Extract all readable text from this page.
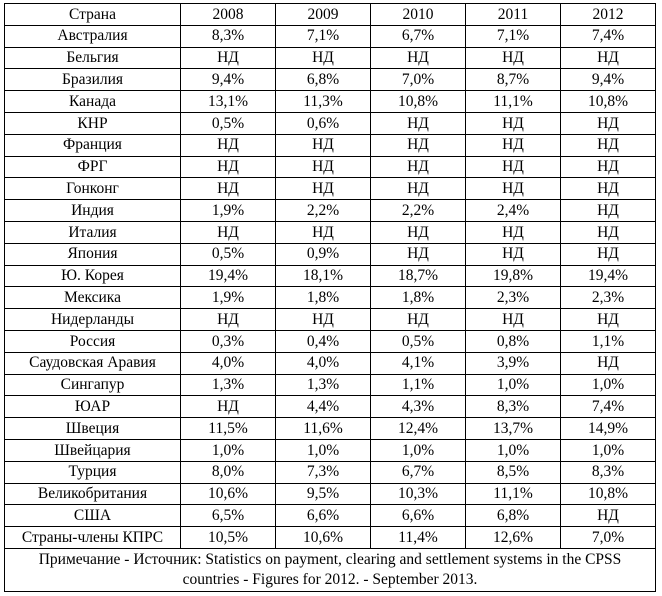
Страна	2008	2009	2010	2011	2012
Австралия	8,3%	7,1%	6,7%	7,1%	7,4%
Бельгия	НД	НД	НД	НД	НД
Бразилия	9,4%	6,8%	7,0%	8,7%	9,4%
Канада	13,1%	11,3%	10,8%	11,1%	10,8%
КНР	0,5%	0,6%	НД	НД	НД
Франция	НД	НД	НД	НД	НД
ФРГ	НД	НД	НД	НД	НД
Гонконг	НД	НД	НД	НД	НД
Индия	1,9%	2,2%	2,2%	2,4%	НД
Италия	НД	НД	НД	НД	НД
Япония	0,5%	0,9%	НД	НД	НД
Ю. Корея	19,4%	18,1%	18,7%	19,8%	19,4%
Мексика	1,9%	1,8%	1,8%	2,3%	2,3%
Нидерланды	НД	НД	НД	НД	НД
Россия	0,3%	0,4%	0,5%	0,8%	1,1%
Саудовская Аравия	4,0%	4,0%	4,1%	3,9%	НД
Сингапур	1,3%	1,3%	1,1%	1,0%	1,0%
ЮАР	НД	4,4%	4,3%	8,3%	7,4%
Швеция	11,5%	11,6%	12,4%	13,7%	14,9%
Швейцария	1,0%	1,0%	1,0%	1,0%	1,0%
Турция	8,0%	7,3%	6,7%	8,5%	8,3%
Великобритания	10,6%	9,5%	10,3%	11,1%	10,8%
США	6,5%	6,6%	6,6%	6,8%	НД
Страны-члены КПРС	10,5%	10,6%	11,4%	12,6%	7,0%
Примечание - Источник: Statistics on payment, clearing and settlement systems in the CPSS countries - Figures for 2012. - September 2013.					
